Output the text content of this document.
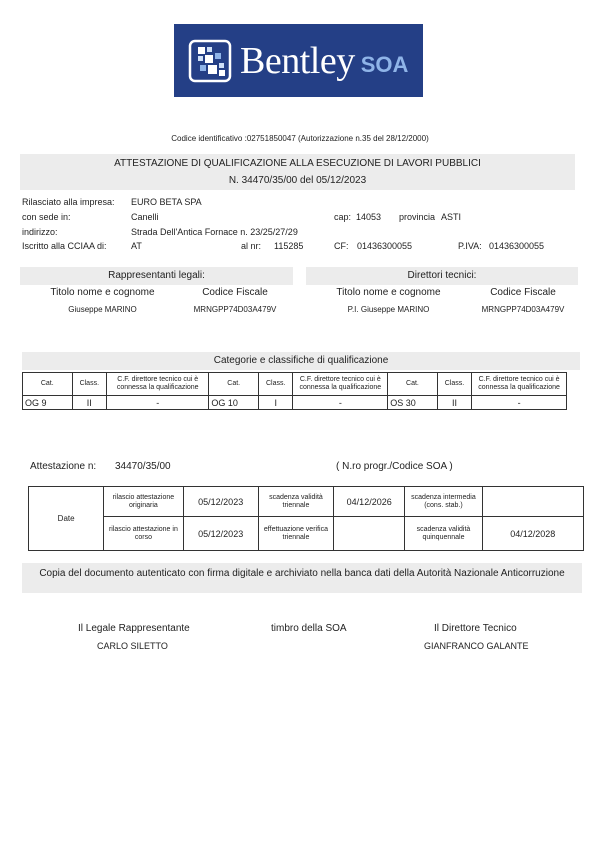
Bentley SOA
Codice identificativo :02751850047 (Autorizzazione n.35 del 28/12/2000)
ATTESTAZIONE DI QUALIFICAZIONE ALLA ESECUZIONE DI LAVORI PUBBLICI
N. 34470/35/00 del 05/12/2023
Rilasciato alla impresa: EURO BETA SPA
con sede in:	Canelli	cap: 14053 provincia ASTI
indirizzo:	Strada Dell'Antica Fornace n. 23/25/27/29
Iscritto alla CCIAA di:	AT	al nr: 115285	CF: 01436300055	P.IVA: 01436300055
Rappresentanti legali:
Titolo nome e cognome	Codice Fiscale
Giuseppe MARINO	MRNGPP74D03A479V
Direttori tecnici:
Titolo nome e cognome	Codice Fiscale
P.I. Giuseppe MARINO	MRNGPP74D03A479V
Categorie e classifiche di qualificazione
Cat.	Class.	C.F. direttore tecnico cui è connessa la qualificazione	Cat.	Class.	C.F. direttore tecnico cui è connessa la qualificazione	Cat.	Class.	C.F. direttore tecnico cui è connessa la qualificazione
OG 9	II	-	OG 10	I	-	OS 30	II	-
Attestazione n: 34470/35/00	( N.ro progr./Codice SOA )
Date	rilascio attestazione originaria	05/12/2023	scadenza validità triennale	04/12/2026	scadenza intermedia (cons. stab.)	
	rilascio attestazione in corso	05/12/2023	effettuazione verifica triennale		scadenza validità quinquennale	04/12/2028
Copia del documento autenticato con firma digitale e archiviato nella banca dati della Autorità Nazionale Anticorruzione
Il Legale Rappresentante
CARLO SILETTO
timbro della SOA	Il Direttore Tecnico
GIANFRANCO GALANTE
